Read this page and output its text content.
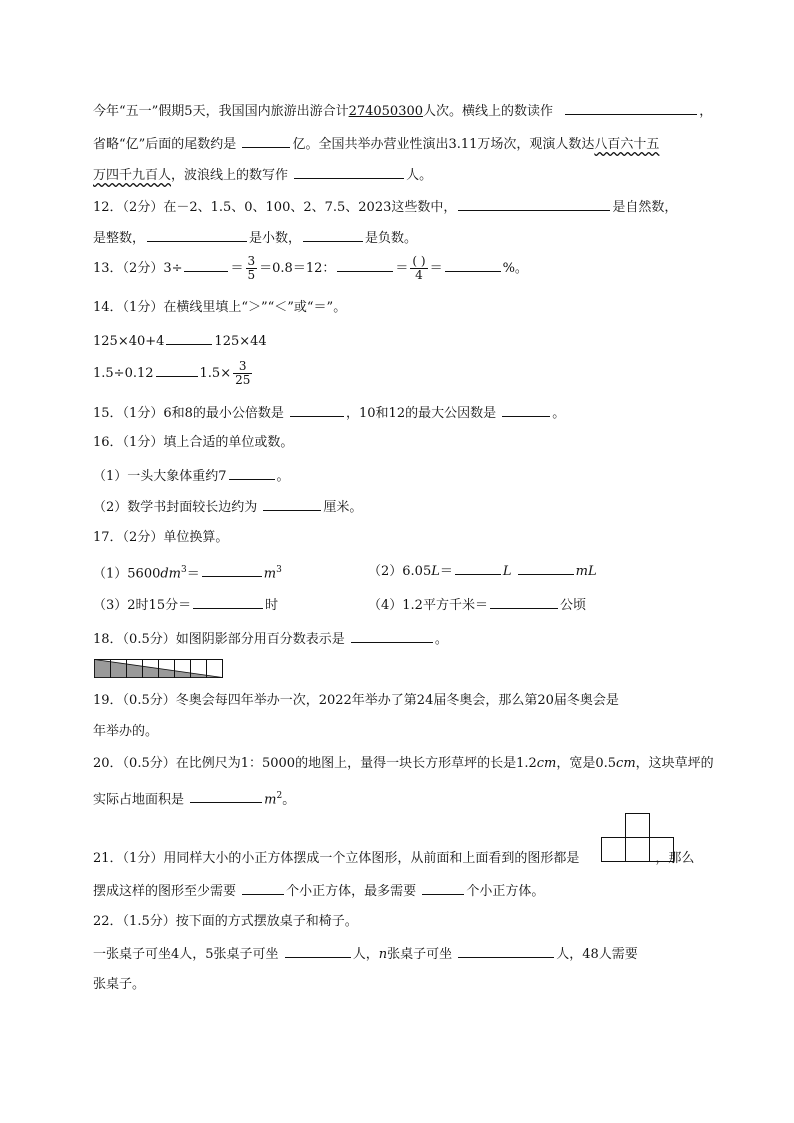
今年“五一”假期5天，我国国内旅游出游合计274050300人次。横线上的数读作	，
省略“亿”后面的尾数约是	亿。全国共举办营业性演出3.11万场次，观演人数达八百六十五
万四千九百人，波浪线上的数写作	人。
12．（2分）在－2、1.5、0、100、2、7.5、2023这些数中，	是自然数，
是整数，	是小数，	是负数。
13．（2分）3÷	＝ $\frac{3}{5} =0.8=12$：	＝ $\frac{( )}{4}$ ＝	%。
14．（1分）在横线里填上“＞”“＜”或“＝”。
125×40+4	125×44
1.5÷0.12	$1.5\times \frac{3}{25}$
15．（1分）6和8的最小公倍数是	，10和12的最大公因数是	。
16．（1分）填上合适的单位或数。
（1）一头大象体重约7	。
（2）数学书封面较长边约为	厘米。
17．（2分）单位换算。
$(1)5600dm^3=$	$m^3$	（2）6.05L＝	L	mL
（3）2时15分＝	时	（4）1.2平方千米＝	公顷
18．（0.5分）如图阴影部分用百分数表示是	。
19．（0.5分）冬奥会每四年举办一次，2022年举办了第24届冬奥会，那么第20届冬奥会是
年举办的。
20．（0.5分）在比例尺为1：5000的地图上，量得一块长方形草坪的长是1.2cm，宽是0.5cm，这块草坪的
实际占地面积是	$m^2$。
21．（1分）用同样大小的小正方体摆成一个立体图形，从前面和上面看到的图形都是	，那么
摆成这样的图形至少需要	个小正方体，最多需要	个小正方体。
22．（1.5分）按下面的方式摆放桌子和椅子。
一张桌子可坐4人，5张桌子可坐	人，n张桌子可坐	人，48人需要
张桌子。
